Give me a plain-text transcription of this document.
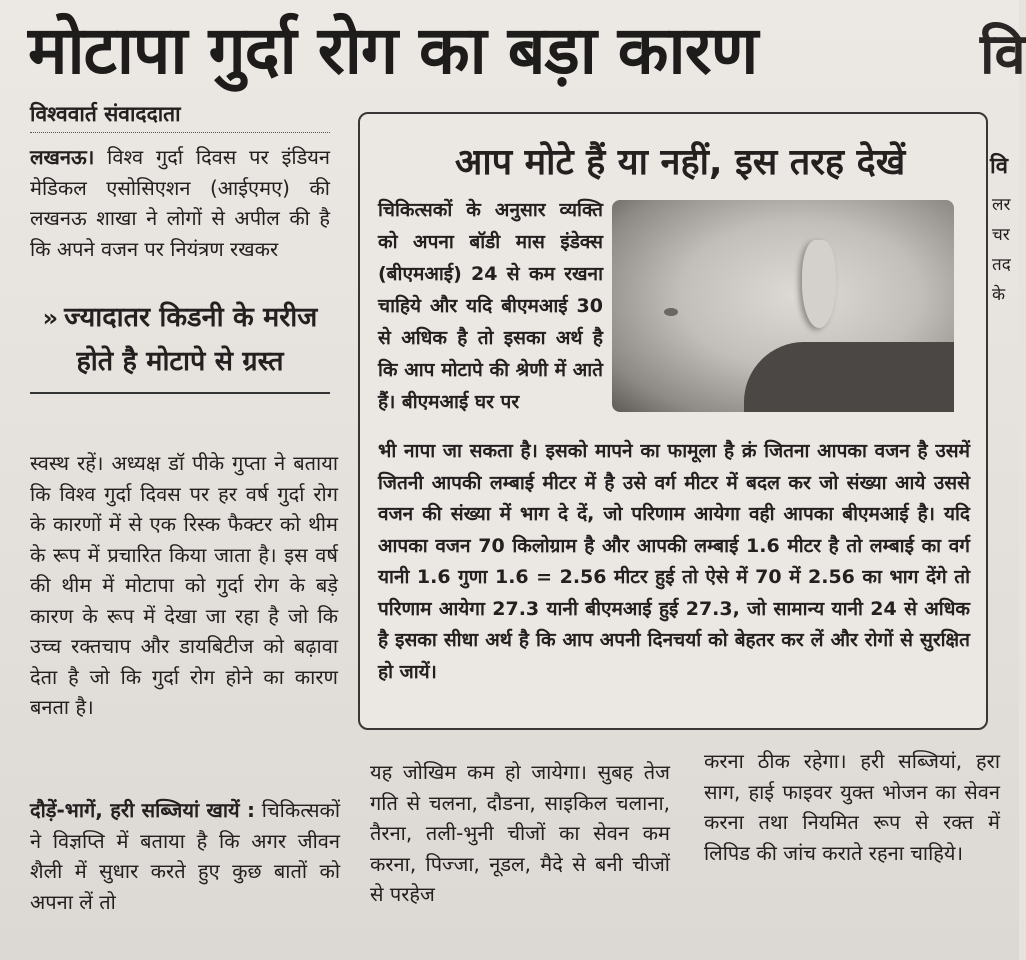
मोटापा गुर्दा रोग का बड़ा कारण	वि
विश्ववार्त संवाददाता
लखनऊ। विश्व गुर्दा दिवस पर इंडियन मेडिकल एसोसिएशन (आईएमए) की लखनऊ शाखा ने लोगों से अपील की है कि अपने वजन पर नियंत्रण रखकर
» ज्यादातर किडनी के मरीज होते है मोटापे से ग्रस्त
स्वस्थ रहें। अध्यक्ष डॉ पीके गुप्ता ने बताया कि विश्व गुर्दा दिवस पर हर वर्ष गुर्दा रोग के कारणों में से एक रिस्क फैक्टर को थीम के रूप में प्रचारित किया जाता है। इस वर्ष की थीम में मोटापा को गुर्दा रोग के बड़े कारण के रूप में देखा जा रहा है जो कि उच्च रक्तचाप और डायबिटीज को बढ़ावा देता है जो कि गुर्दा रोग होने का कारण बनता है।
दौड़ें-भागें, हरी सब्जियां खायें : चिकित्सकों ने विज्ञप्ति में बताया है कि अगर जीवन शैली में सुधार करते हुए कुछ बातों को अपना लें तो
आप मोटे हैं या नहीं, इस तरह देखें
चिकित्सकों के अनुसार व्यक्ति को अपना बॉडी मास इंडेक्स (बीएमआई) 24 से कम रखना चाहिये और यदि बीएमआई 30 से अधिक है तो इसका अर्थ है कि आप मोटापे की श्रेणी में आते हैं। बीएमआई घर पर
भी नापा जा सकता है। इसको मापने का फामूला है क्रं जितना आपका वजन है उसमें जितनी आपकी लम्बाई मीटर में है उसे वर्ग मीटर में बदल कर जो संख्या आये उससे वजन की संख्या में भाग दे दें, जो परिणाम आयेगा वही आपका बीएमआई है। यदि आपका वजन 70 किलोग्राम है और आपकी लम्बाई 1.6 मीटर है तो लम्बाई का वर्ग यानी 1.6 गुणा 1.6 = 2.56 मीटर हुई तो ऐसे में 70 में 2.56 का भाग देंगे तो परिणाम आयेगा 27.3 यानी बीएमआई हुई 27.3, जो सामान्य यानी 24 से अधिक है इसका सीधा अर्थ है कि आप अपनी दिनचर्या को बेहतर कर लें और रोगों से सुरक्षित हो जायें।
यह जोखिम कम हो जायेगा। सुबह तेज गति से चलना, दौडना, साइकिल चलाना, तैरना, तली-भुनी चीजों का सेवन कम करना, पिज्जा, नूडल, मैदे से बनी चीजों से परहेज
करना ठीक रहेगा। हरी सब्जियां, हरा साग, हाई फाइवर युक्त भोजन का सेवन करना तथा नियमित रूप से रक्त में लिपिड की जांच कराते रहना चाहिये।
वि
लर
चर
तद
के
